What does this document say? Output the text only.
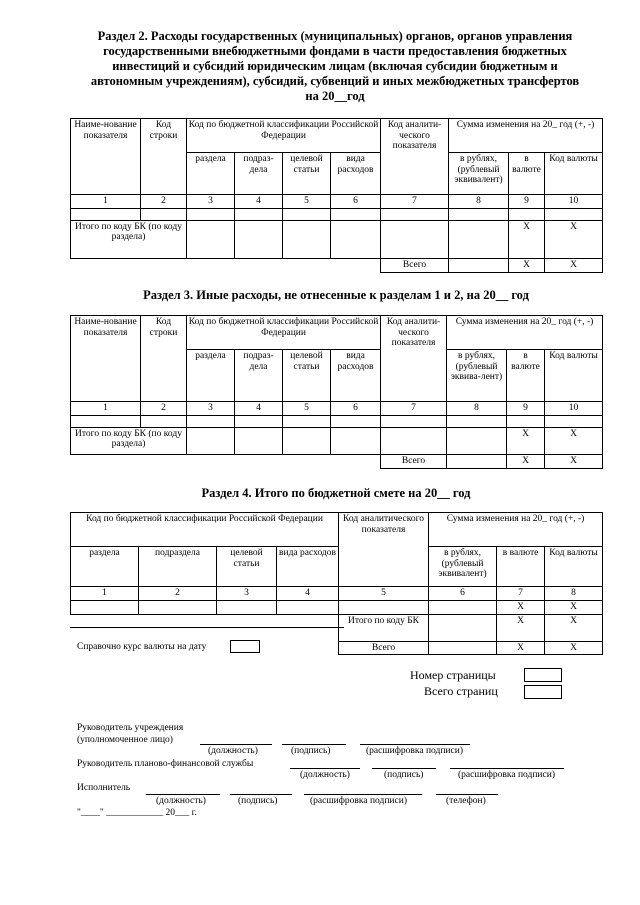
Раздел 2. Расходы государственных (муниципальных) органов, органов управления государственными внебюджетными фондами в части предоставления бюджетных инвестиций и субсидий юридическим лицам (включая субсидии бюджетным и автономным учреждениям), субсидий, субвенций и иных межбюджетных трансфертов на 20__год
Наиме-нование показателя	Код строки	Код по бюджетной классификации Российской Федерации				Код аналити-ческого показателя	Сумма изменения на 20_ год (+, -)		
		раздела	подраз-дела	целевой статьи	вида расходов		в рублях, (рублевый эквивалент)	в валюте	Код валюты
1	2	3	4	5	6	7	8	9	10

Итого по коду БК (по коду раздела)								X	X
						Всего		X	X
Раздел 3. Иные расходы, не отнесенные к разделам 1 и 2, на 20__ год
Наиме-нование показателя	Код строки	Код по бюджетной классификации Российской Федерации				Код аналити-ческого показателя	Сумма изменения на 20_ год (+, -)		
		раздела	подраз-дела	целевой статьи	вида расходов		в рублях, (рублевый эквива-лент)	в валюте	Код валюты
1	2	3	4	5	6	7	8	9	10

Итого по коду БК (по коду раздела)								X	X
						Всего		X	X
Раздел 4. Итого по бюджетной смете на 20__ год
Код по бюджетной классификации Российской Федерации				Код аналитического показателя	Сумма изменения на 20_ год (+, -)		
раздела	подраздела	целевой статьи	вида расходов		в рублях, (рублевый эквивалент)	в валюте	Код валюты
1	2	3	4	5	6	7	8
						X	X
				Итого по коду БК		X	X
				Всего		X	X
Справочно курс валюты на дату
Номер страницы
Всего страниц
Руководитель учреждения
(уполномоченное лицо)
(должность)	(подпись)	(расшифровка подписи)
Руководитель планово-финансовой службы
(должность)	(подпись)	(расшифровка подписи)
Исполнитель
(должность)	(подпись)	(расшифровка подписи)	(телефон)
"____" ____________ 20___ г.
